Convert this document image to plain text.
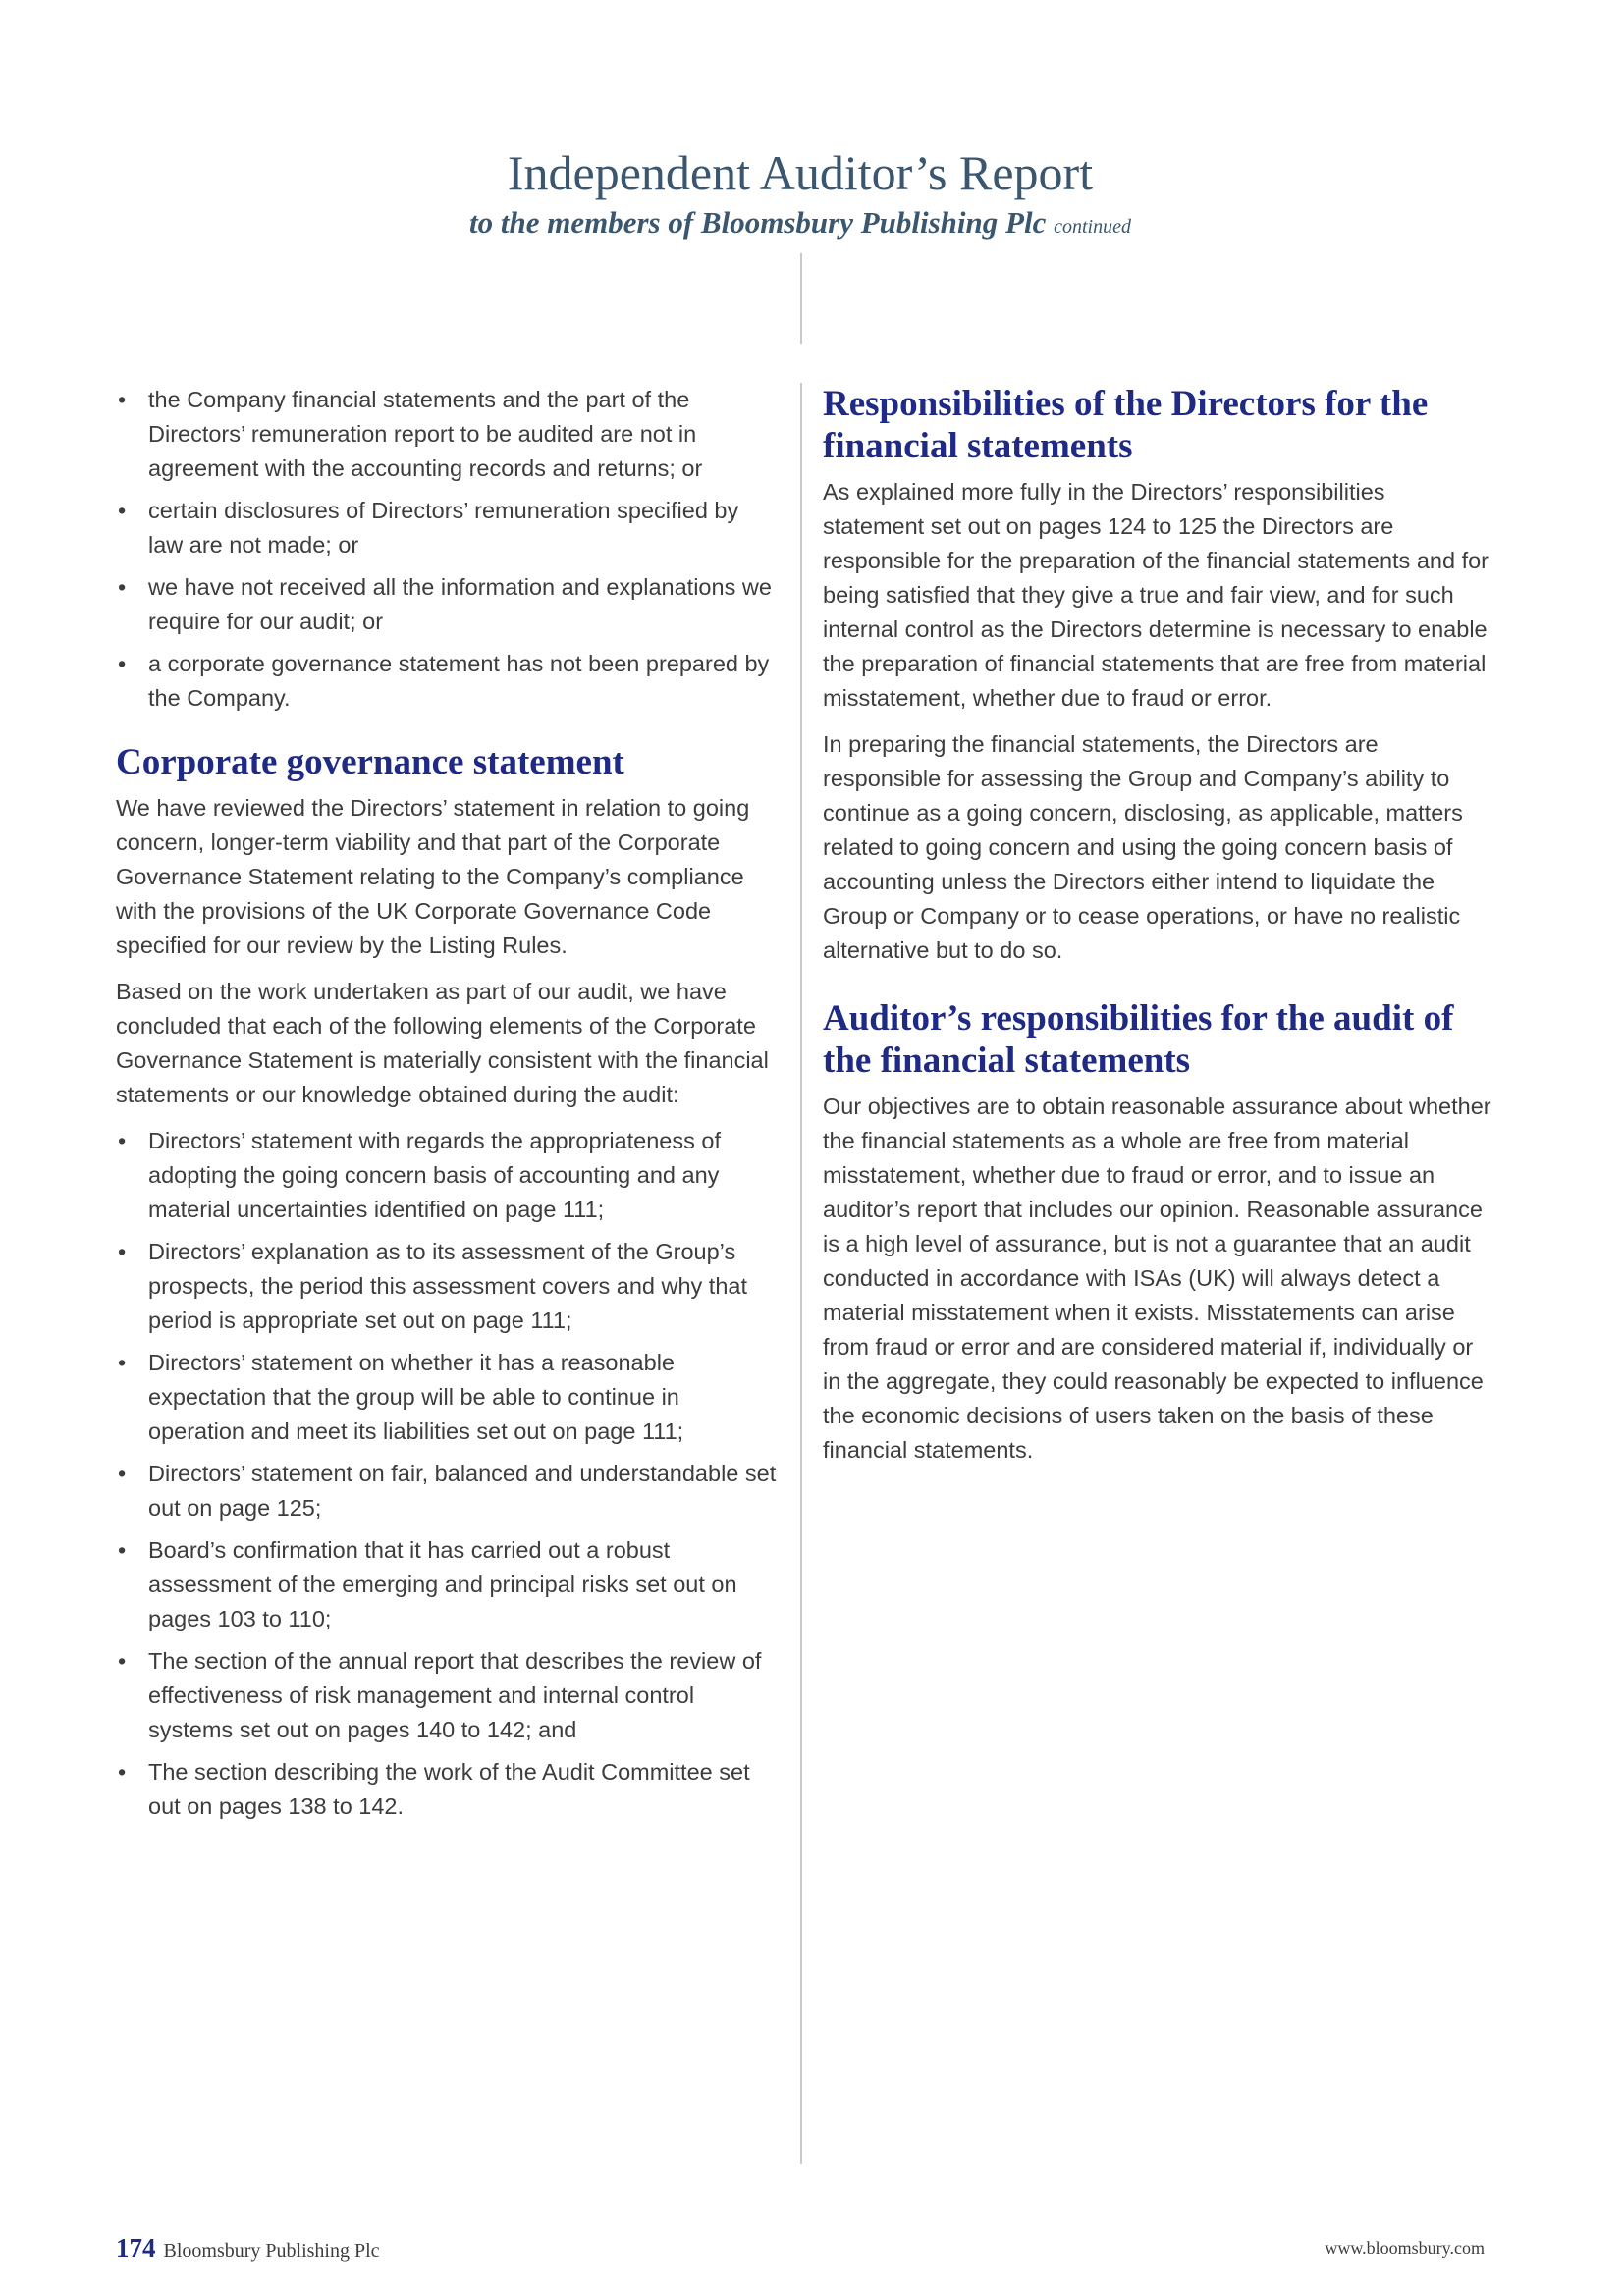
Independent Auditor’s Report

to the members of Bloomsbury Publishing Plc continued

• the Company financial statements and the part of the Directors’ remuneration report to be audited are not in agreement with the accounting records and returns; or
• certain disclosures of Directors’ remuneration specified by law are not made; or
• we have not received all the information and explanations we require for our audit; or
• a corporate governance statement has not been prepared by the Company.
Corporate governance statement

We have reviewed the Directors’ statement in relation to going concern, longer-term viability and that part of the Corporate Governance Statement relating to the Company’s compliance with the provisions of the UK Corporate Governance Code specified for our review by the Listing Rules.

Based on the work undertaken as part of our audit, we have concluded that each of the following elements of the Corporate Governance Statement is materially consistent with the financial statements or our knowledge obtained during the audit:

• Directors’ statement with regards the appropriateness of adopting the going concern basis of accounting and any material uncertainties identified on page 111;
• Directors’ explanation as to its assessment of the Group’s prospects, the period this assessment covers and why that period is appropriate set out on page 111;
• Directors’ statement on whether it has a reasonable expectation that the group will be able to continue in operation and meet its liabilities set out on page 111;
• Directors’ statement on fair, balanced and understandable set out on page 125;
• Board’s confirmation that it has carried out a robust assessment of the emerging and principal risks set out on pages 103 to 110;
• The section of the annual report that describes the review of effectiveness of risk management and internal control systems set out on pages 140 to 142; and
• The section describing the work of the Audit Committee set out on pages 138 to 142.
Responsibilities of the Directors for the financial statements

As explained more fully in the Directors’ responsibilities statement set out on pages 124 to 125 the Directors are responsible for the preparation of the financial statements and for being satisfied that they give a true and fair view, and for such internal control as the Directors determine is necessary to enable the preparation of financial statements that are free from material misstatement, whether due to fraud or error.

In preparing the financial statements, the Directors are responsible for assessing the Group and Company’s ability to continue as a going concern, disclosing, as applicable, matters related to going concern and using the going concern basis of accounting unless the Directors either intend to liquidate the Group or Company or to cease operations, or have no realistic alternative but to do so.

Auditor’s responsibilities for the audit of the financial statements

Our objectives are to obtain reasonable assurance about whether the financial statements as a whole are free from material misstatement, whether due to fraud or error, and to issue an auditor’s report that includes our opinion. Reasonable assurance is a high level of assurance, but is not a guarantee that an audit conducted in accordance with ISAs (UK) will always detect a material misstatement when it exists. Misstatements can arise from fraud or error and are considered material if, individually or in the aggregate, they could reasonably be expected to influence the economic decisions of users taken on the basis of these financial statements.

174 Bloomsbury Publishing Plc	www.bloomsbury.com
